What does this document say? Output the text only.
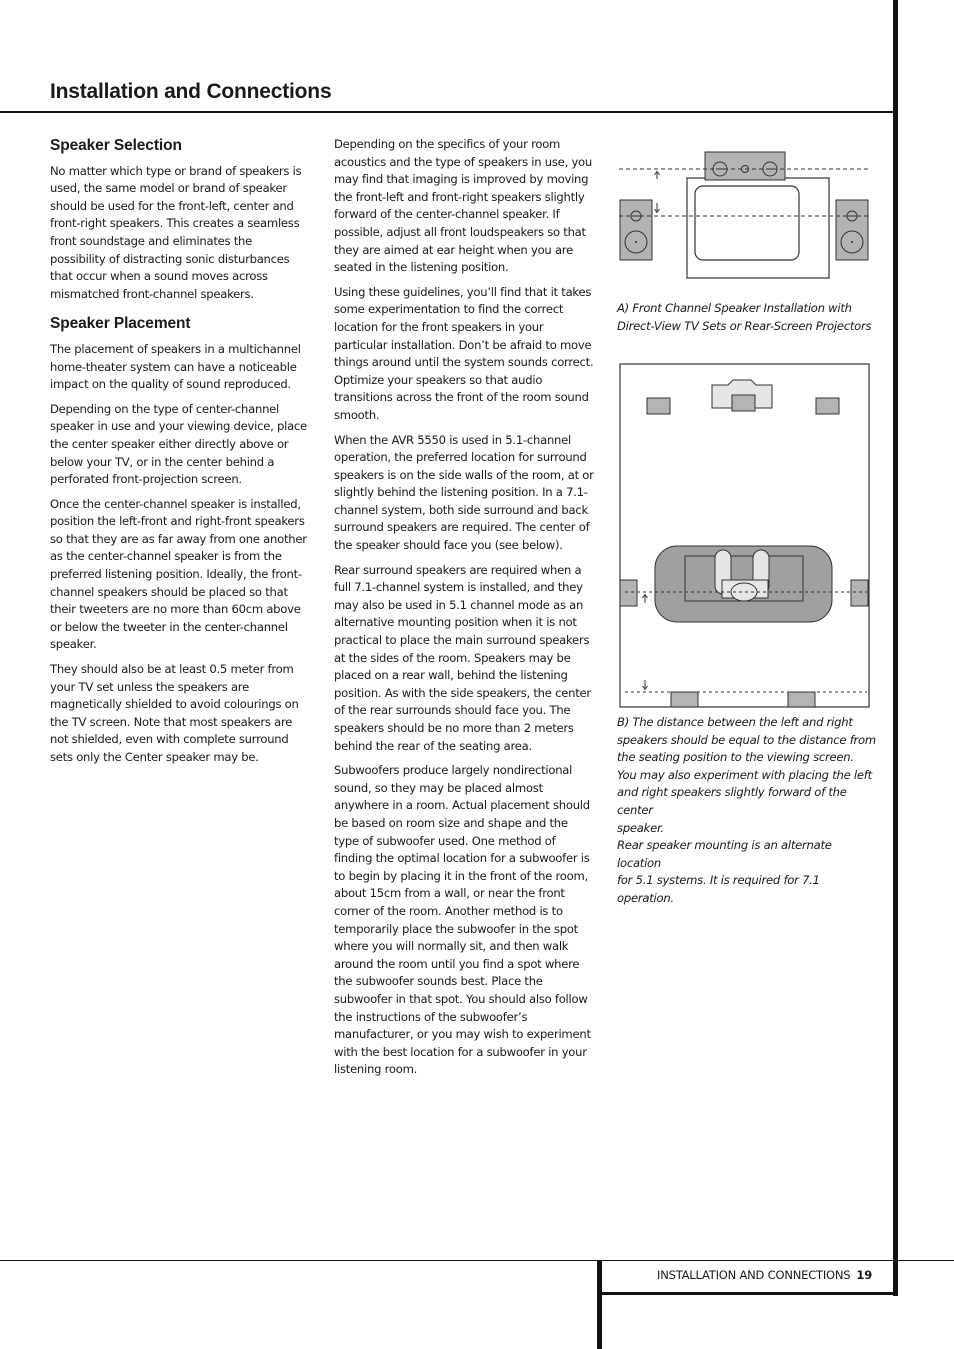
Installation and Connections
Speaker Selection

No matter which type or brand of speakers is used, the same model or brand of speaker should be used for the front-left, center and front-right speakers. This creates a seamless front soundstage and eliminates the possibility of distracting sonic disturbances that occur when a sound moves across mismatched front-channel speakers.

Speaker Placement

The placement of speakers in a multichannel home-theater system can have a noticeable impact on the quality of sound reproduced.

Depending on the type of center-channel speaker in use and your viewing device, place the center speaker either directly above or below your TV, or in the center behind a perforated front-projection screen.

Once the center-channel speaker is installed, position the left-front and right-front speakers so that they are as far away from one another as the center-channel speaker is from the preferred listening position. Ideally, the front-channel speakers should be placed so that their tweeters are no more than 60cm above or below the tweeter in the center-channel speaker.

They should also be at least 0.5 meter from your TV set unless the speakers are magnetically shielded to avoid colourings on the TV screen. Note that most speakers are not shielded, even with complete surround sets only the Center speaker may be.

Depending on the specifics of your room acoustics and the type of speakers in use, you may find that imaging is improved by moving the front-left and front-right speakers slightly forward of the center-channel speaker. If possible, adjust all front loudspeakers so that they are aimed at ear height when you are seated in the listening position.

Using these guidelines, you’ll find that it takes some experimentation to find the correct location for the front speakers in your particular installation. Don’t be afraid to move things around until the system sounds correct. Optimize your speakers so that audio transitions across the front of the room sound smooth.

When the AVR 5550 is used in 5.1-channel operation, the preferred location for surround speakers is on the side walls of the room, at or slightly behind the listening position. In a 7.1-channel system, both side surround and back surround speakers are required. The center of the speaker should face you (see below).

Rear surround speakers are required when a full 7.1-channel system is installed, and they may also be used in 5.1 channel mode as an alternative mounting position when it is not practical to place the main surround speakers at the sides of the room. Speakers may be placed on a rear wall, behind the listening position. As with the side speakers, the center of the rear surrounds should face you. The speakers should be no more than 2 meters behind the rear of the seating area.

Subwoofers produce largely nondirectional sound, so they may be placed almost anywhere in a room. Actual placement should be based on room size and shape and the type of subwoofer used. One method of finding the optimal location for a subwoofer is to begin by placing it in the front of the room, about 15cm from a wall, or near the front corner of the room. Another method is to temporarily place the subwoofer in the spot where you will normally sit, and then walk around the room until you find a spot where the subwoofer sounds best. Place the subwoofer in that spot. You should also follow the instructions of the subwoofer’s manufacturer, or you may wish to experiment with the best location for a subwoofer in your listening room.

A) Front Channel Speaker Installation with

Direct-View TV Sets or Rear-Screen Projectors

B) The distance between the left and right

speakers should be equal to the distance from

the seating position to the viewing screen.

You may also experiment with placing the left

and right speakers slightly forward of the center

speaker.

Rear speaker mounting is an alternate location

for 5.1 systems. It is required for 7.1 operation.

INSTALLATION AND CONNECTIONS 19
